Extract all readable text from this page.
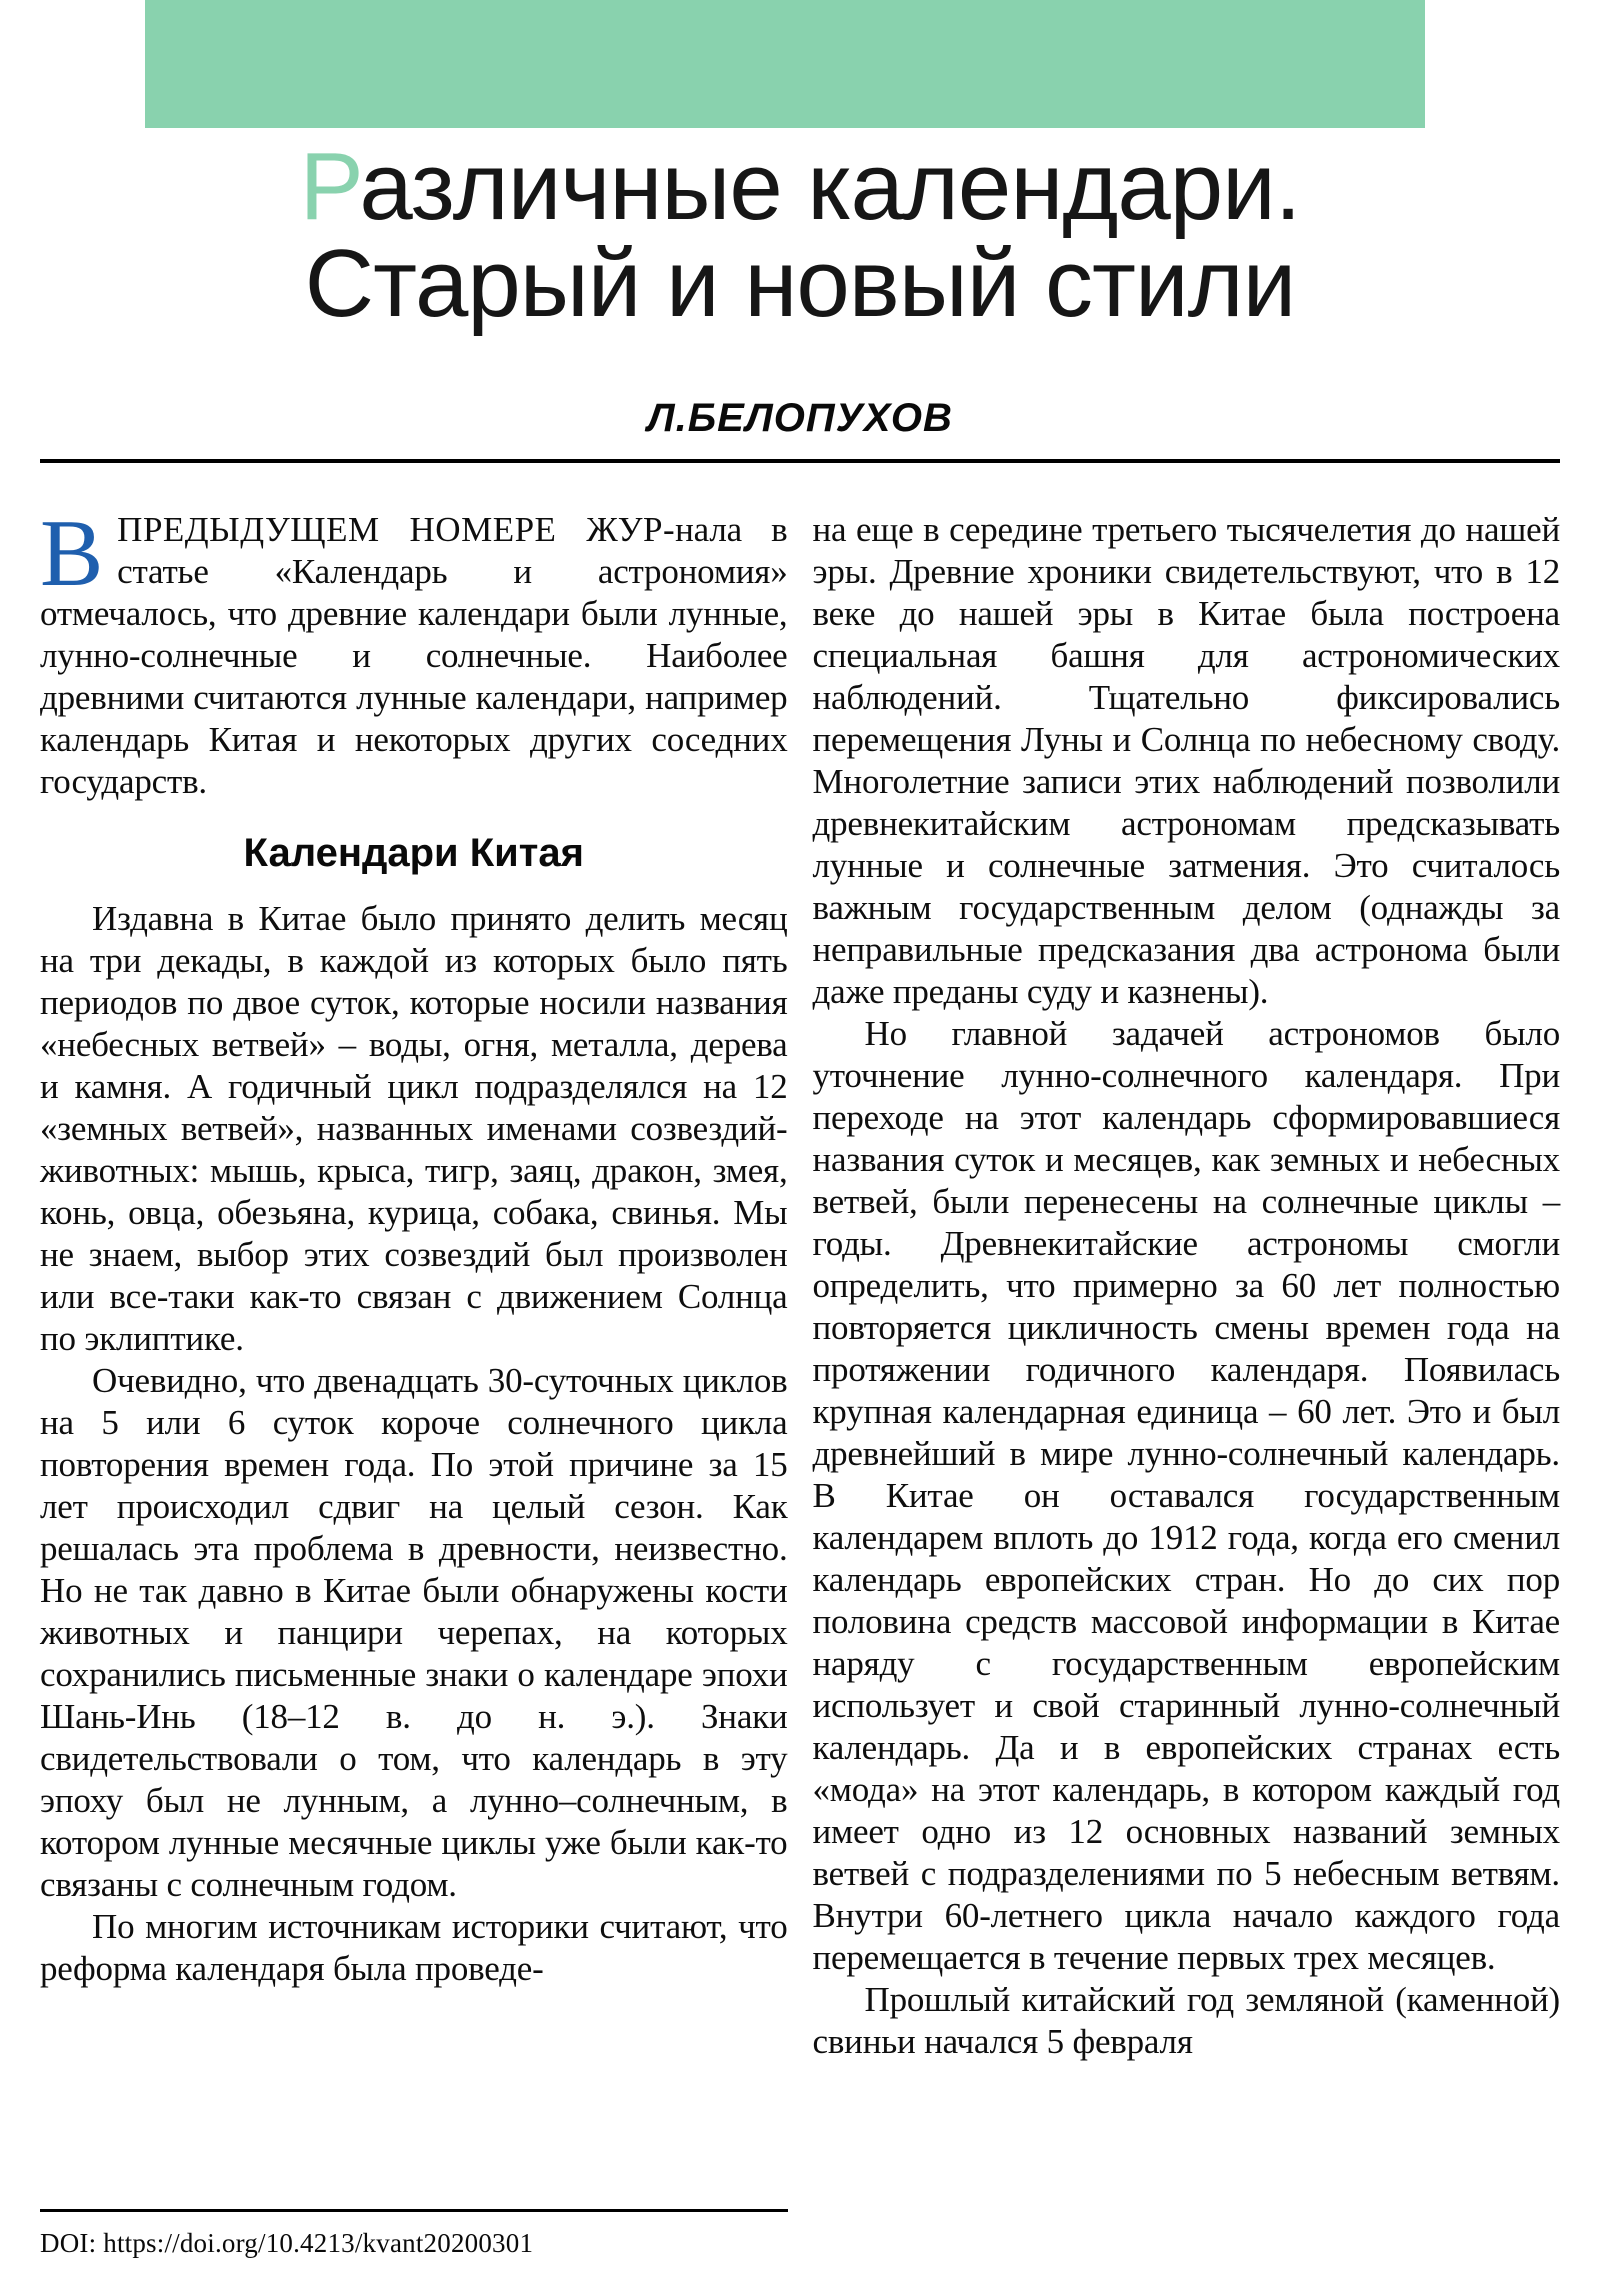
Различные календари.
Старый и новый стили
Л.БЕЛОПУХОВ

ВПРЕДЫДУЩЕМ НОМЕРЕ ЖУР-нала в статье «Календарь и астрономия» отмечалось, что древние календари были лунные, лунно-солнечные и солнечные. Наиболее древними считаются лунные календари, например календарь Китая и некоторых других соседних государств.

Календари Китая

Издавна в Китае было принято делить месяц на три декады, в каждой из которых было пять периодов по двое суток, которые носили названия «небесных ветвей» – воды, огня, металла, дерева и камня. А годичный цикл подразделялся на 12 «земных ветвей», названных именами созвездий-животных: мышь, крыса, тигр, заяц, дракон, змея, конь, овца, обезьяна, курица, собака, свинья. Мы не знаем, выбор этих созвездий был произволен или все-таки как-то связан с движением Солнца по эклиптике.

Очевидно, что двенадцать 30-суточных циклов на 5 или 6 суток короче солнечного цикла повторения времен года. По этой причине за 15 лет происходил сдвиг на целый сезон. Как решалась эта проблема в древности, неизвестно. Но не так давно в Китае были обнаружены кости животных и панцири черепах, на которых сохранились письменные знаки о календаре эпохи Шань-Инь (18–12 в. до н. э.). Знаки свидетельствовали о том, что календарь в эту эпоху был не лунным, а лунно–солнечным, в котором лунные месячные циклы уже были как-то связаны с солнечным годом.

По многим источникам историки считают, что реформа календаря была проведе-

DOI: https://doi.org/10.4213/kvant20200301

на еще в середине третьего тысячелетия до нашей эры. Древние хроники свидетельствуют, что в 12 веке до нашей эры в Китае была построена специальная башня для астрономических наблюдений. Тщательно фиксировались перемещения Луны и Солнца по небесному своду. Многолетние записи этих наблюдений позволили древнекитайским астрономам предсказывать лунные и солнечные затмения. Это считалось важным государственным делом (однажды за неправильные предсказания два астронома были даже преданы суду и казнены).

Но главной задачей астрономов было уточнение лунно-солнечного календаря. При переходе на этот календарь сформировавшиеся названия суток и месяцев, как земных и небесных ветвей, были перенесены на солнечные циклы – годы. Древнекитайские астрономы смогли определить, что примерно за 60 лет полностью повторяется цикличность смены времен года на протяжении годичного календаря. Появилась крупная календарная единица – 60 лет. Это и был древнейший в мире лунно-солнечный календарь. В Китае он оставался государственным календарем вплоть до 1912 года, когда его сменил календарь европейских стран. Но до сих пор половина средств массовой информации в Китае наряду с государственным европейским использует и свой старинный лунно-солнечный календарь. Да и в европейских странах есть «мода» на этот календарь, в котором каждый год имеет одно из 12 основных названий земных ветвей с подразделениями по 5 небесным ветвям. Внутри 60-летнего цикла начало каждого года перемещается в течение первых трех месяцев.

Прошлый китайский год земляной (каменной) свиньи начался 5 февраля
